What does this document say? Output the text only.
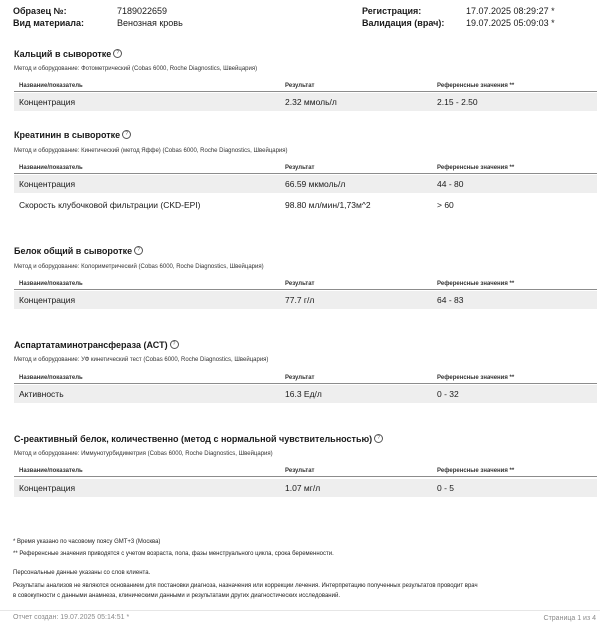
Образец №:	7189022659
Вид материала:	Венозная кровь
Регистрация:	17.07.2025 08:29:27 *
Валидация (врач): 19.07.2025 05:09:03 *
Кальций в сыворотке ?
Метод и оборудование: Фотометрический (Cobas 6000, Roche Diagnostics, Швейцария)
Название/показатель	Результат	Референсные значения **
Концентрация	2.32 ммоль/л	2.15 - 2.50
Креатинин в сыворотке ?
Метод и оборудование: Кинетический (метод Яффе) (Cobas 6000, Roche Diagnostics, Швейцария)
Название/показатель	Результат	Референсные значения **
Концентрация	66.59 мкмоль/л	44 - 80
Скорость клубочковой фильтрации (CKD-EPI)	98.80 мл/мин/1,73м^2	> 60
Белок общий в сыворотке ?
Метод и оборудование: Колориметрический (Cobas 6000, Roche Diagnostics, Швейцария)
Название/показатель	Результат	Референсные значения **
Концентрация	77.7 г/л	64 - 83
Аспартатаминотрансфераза (АСТ) ?
Метод и оборудование: УФ кинетический тест (Cobas 6000, Roche Diagnostics, Швейцария)
Название/показатель	Результат	Референсные значения **
Активность	16.3 Ед/л	0 - 32
С-реактивный белок, количественно (метод с нормальной чувствительностью) ?
Метод и оборудование: Иммунотурбидиметрия (Cobas 6000, Roche Diagnostics, Швейцария)
Название/показатель	Результат	Референсные значения **
Концентрация	1.07 мг/л	0 - 5
* Время указано по часовому поясу GMT+3 (Москва)
** Референсные значения приводятся с учетом возраста, пола, фазы менструального цикла, срока беременности.
Персональные данные указаны со слов клиента.
Результаты анализов не являются основанием для постановки диагноза, назначения или коррекции лечения. Интерпретацию полученных результатов проводит врач
в совокупности с данными анамнеза, клиническими данными и результатами других диагностических исследований.
Отчет создан: 19.07.2025 05:14:51 *	Страница 1 из 4
